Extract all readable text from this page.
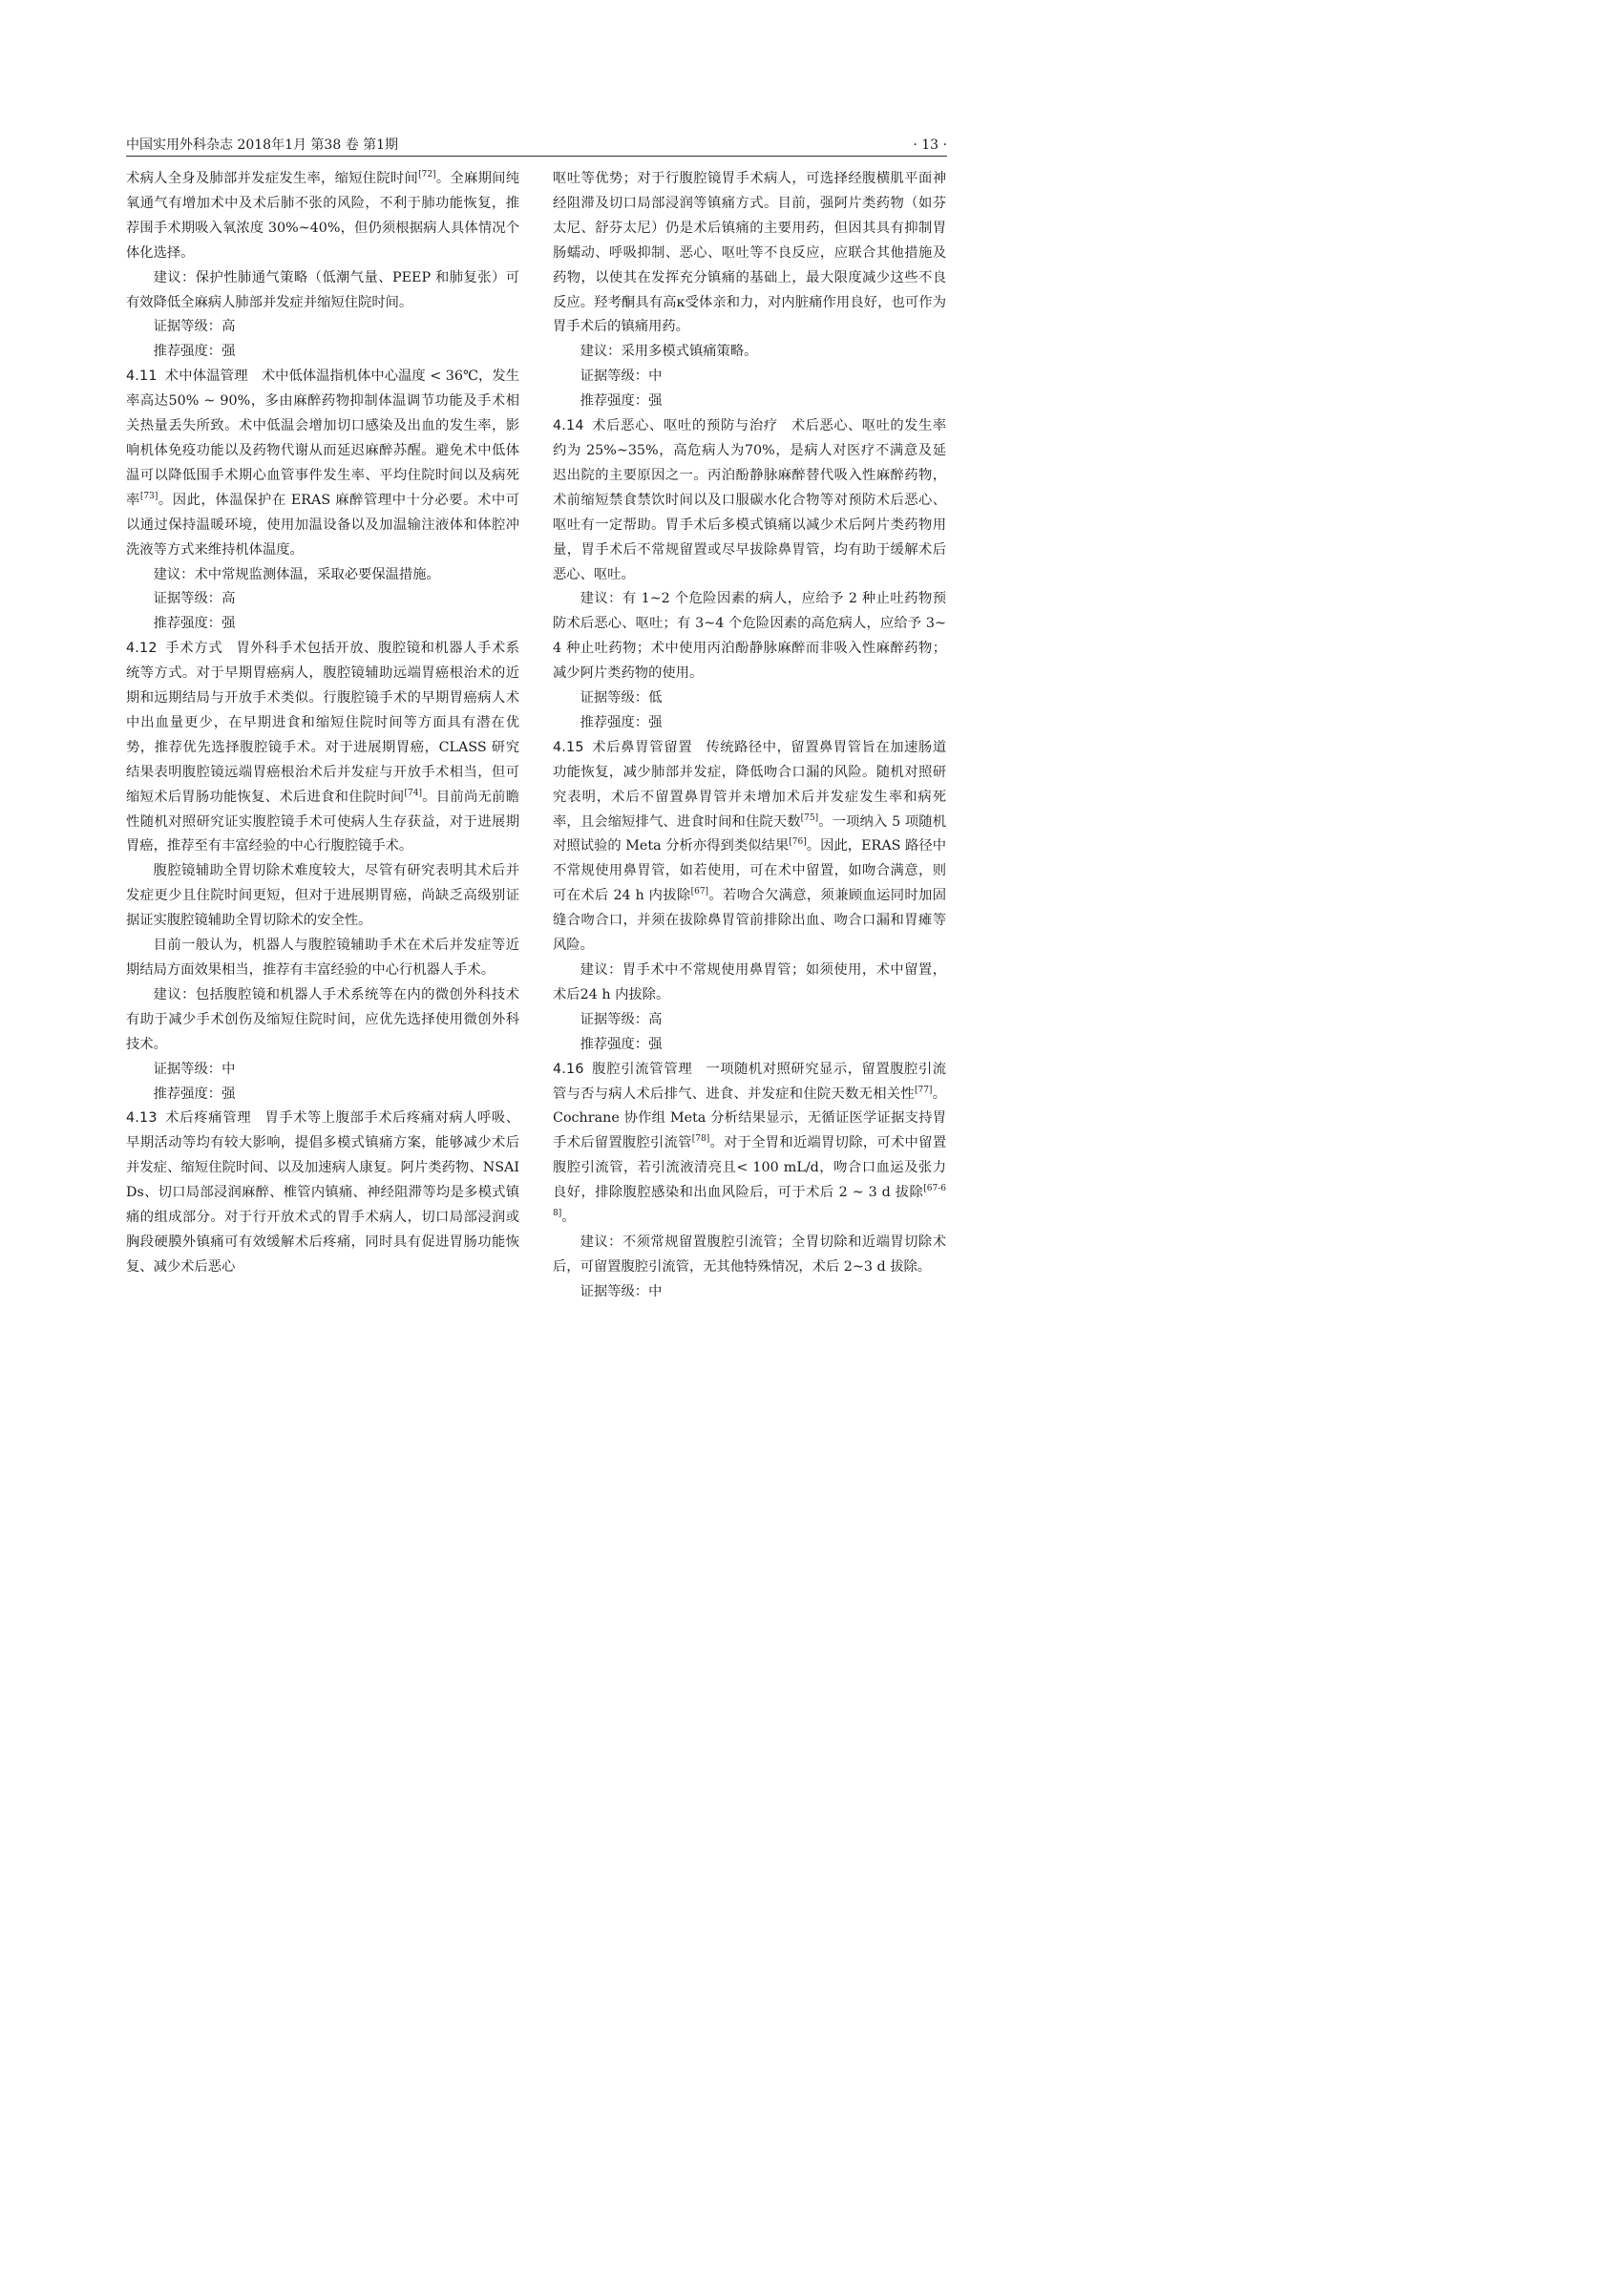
中国实用外科杂志 2018年1月 第38 卷 第1期	· 13 ·

术病人全身及肺部并发症发生率，缩短住院时间[72]。全麻期间纯氧通气有增加术中及术后肺不张的风险，不利于肺功能恢复，推荐围手术期吸入氧浓度 30%~40%，但仍须根据病人具体情况个体化选择。

建议：保护性肺通气策略（低潮气量、PEEP 和肺复张）可有效降低全麻病人肺部并发症并缩短住院时间。

证据等级：高

推荐强度：强

4.11 术中体温管理 术中低体温指机体中心温度 < 36℃，发生率高达50% ~ 90%，多由麻醉药物抑制体温调节功能及手术相关热量丢失所致。术中低温会增加切口感染及出血的发生率，影响机体免疫功能以及药物代谢从而延迟麻醉苏醒。避免术中低体温可以降低围手术期心血管事件发生率、平均住院时间以及病死率[73]。因此，体温保护在 ERAS 麻醉管理中十分必要。术中可以通过保持温暖环境，使用加温设备以及加温输注液体和体腔冲洗液等方式来维持机体温度。

建议：术中常规监测体温，采取必要保温措施。

证据等级：高

推荐强度：强

4.12 手术方式 胃外科手术包括开放、腹腔镜和机器人手术系统等方式。对于早期胃癌病人，腹腔镜辅助远端胃癌根治术的近期和远期结局与开放手术类似。行腹腔镜手术的早期胃癌病人术中出血量更少，在早期进食和缩短住院时间等方面具有潜在优势，推荐优先选择腹腔镜手术。对于进展期胃癌，CLASS 研究结果表明腹腔镜远端胃癌根治术后并发症与开放手术相当，但可缩短术后胃肠功能恢复、术后进食和住院时间[74]。目前尚无前瞻性随机对照研究证实腹腔镜手术可使病人生存获益，对于进展期胃癌，推荐至有丰富经验的中心行腹腔镜手术。

腹腔镜辅助全胃切除术难度较大，尽管有研究表明其术后并发症更少且住院时间更短，但对于进展期胃癌，尚缺乏高级别证据证实腹腔镜辅助全胃切除术的安全性。

目前一般认为，机器人与腹腔镜辅助手术在术后并发症等近期结局方面效果相当，推荐有丰富经验的中心行机器人手术。

建议：包括腹腔镜和机器人手术系统等在内的微创外科技术有助于减少手术创伤及缩短住院时间，应优先选择使用微创外科技术。

证据等级：中

推荐强度：强

4.13 术后疼痛管理 胃手术等上腹部手术后疼痛对病人呼吸、早期活动等均有较大影响，提倡多模式镇痛方案，能够减少术后并发症、缩短住院时间、以及加速病人康复。阿片类药物、NSAIDs、切口局部浸润麻醉、椎管内镇痛、神经阻滞等均是多模式镇痛的组成部分。对于行开放术式的胃手术病人，切口局部浸润或胸段硬膜外镇痛可有效缓解术后疼痛，同时具有促进胃肠功能恢复、减少术后恶心

呕吐等优势；对于行腹腔镜胃手术病人，可选择经腹横肌平面神经阻滞及切口局部浸润等镇痛方式。目前，强阿片类药物（如芬太尼、舒芬太尼）仍是术后镇痛的主要用药，但因其具有抑制胃肠蠕动、呼吸抑制、恶心、呕吐等不良反应，应联合其他措施及药物，以使其在发挥充分镇痛的基础上，最大限度减少这些不良反应。羟考酮具有高κ受体亲和力，对内脏痛作用良好，也可作为胃手术后的镇痛用药。

建议：采用多模式镇痛策略。

证据等级：中

推荐强度：强

4.14 术后恶心、呕吐的预防与治疗 术后恶心、呕吐的发生率约为 25%~35%，高危病人为70%，是病人对医疗不满意及延迟出院的主要原因之一。丙泊酚静脉麻醉替代吸入性麻醉药物，术前缩短禁食禁饮时间以及口服碳水化合物等对预防术后恶心、呕吐有一定帮助。胃手术后多模式镇痛以减少术后阿片类药物用量，胃手术后不常规留置或尽早拔除鼻胃管，均有助于缓解术后恶心、呕吐。

建议：有 1~2 个危险因素的病人，应给予 2 种止吐药物预防术后恶心、呕吐；有 3~4 个危险因素的高危病人，应给予 3~4 种止吐药物；术中使用丙泊酚静脉麻醉而非吸入性麻醉药物；减少阿片类药物的使用。

证据等级：低

推荐强度：强

4.15 术后鼻胃管留置 传统路径中，留置鼻胃管旨在加速肠道功能恢复，减少肺部并发症，降低吻合口漏的风险。随机对照研究表明，术后不留置鼻胃管并未增加术后并发症发生率和病死率，且会缩短排气、进食时间和住院天数[75]。一项纳入 5 项随机对照试验的 Meta 分析亦得到类似结果[76]。因此，ERAS 路径中不常规使用鼻胃管，如若使用，可在术中留置，如吻合满意，则可在术后 24 h 内拔除[67]。若吻合欠满意，须兼顾血运同时加固缝合吻合口，并须在拔除鼻胃管前排除出血、吻合口漏和胃瘫等风险。

建议：胃手术中不常规使用鼻胃管；如须使用，术中留置，术后24 h 内拔除。

证据等级：高

推荐强度：强

4.16 腹腔引流管管理 一项随机对照研究显示，留置腹腔引流管与否与病人术后排气、进食、并发症和住院天数无相关性[77]。Cochrane 协作组 Meta 分析结果显示，无循证医学证据支持胃手术后留置腹腔引流管[78]。对于全胃和近端胃切除，可术中留置腹腔引流管，若引流液清亮且< 100 mL/d，吻合口血运及张力良好，排除腹腔感染和出血风险后，可于术后 2 ~ 3 d 拔除[67-68]。

建议：不须常规留置腹腔引流管；全胃切除和近端胃切除术后，可留置腹腔引流管，无其他特殊情况，术后 2~3 d 拔除。

证据等级：中
